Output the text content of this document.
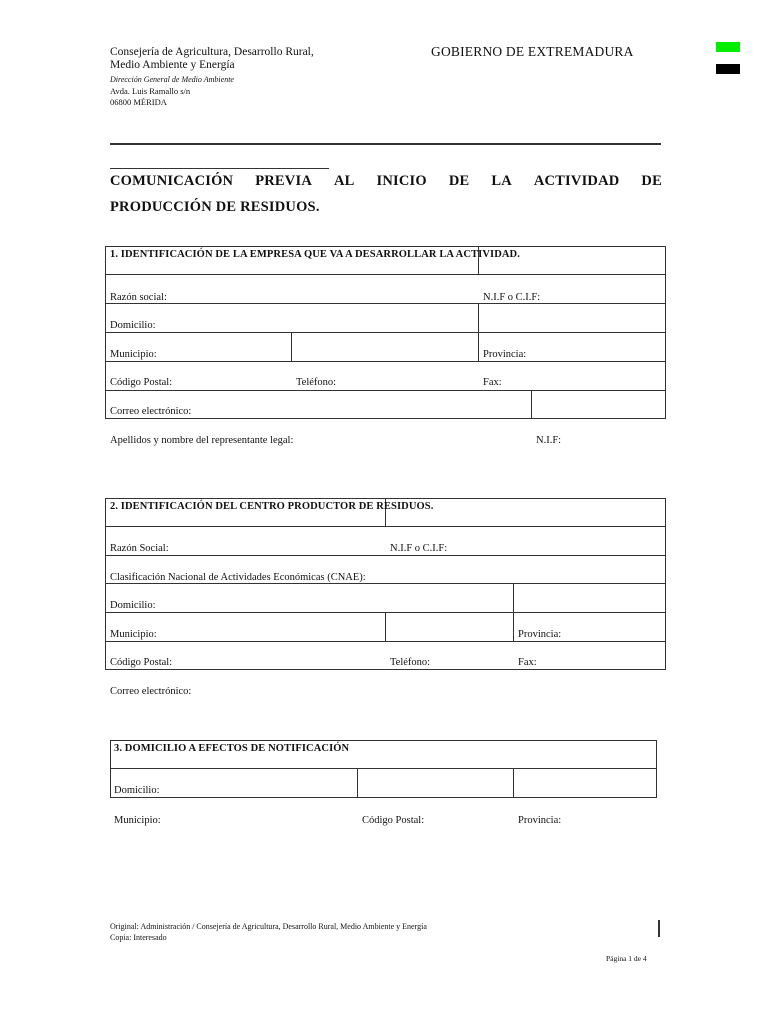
Consejería de Agricultura, Desarrollo Rural,
Medio Ambiente y Energía
Dirección General de Medio Ambiente
Avda. Luis Ramallo s/n
06800 MÉRIDA
GOBIERNO DE EXTREMADURA
COMUNICACIÓN PREVIA AL INICIO DE LA ACTIVIDAD DE
PRODUCCIÓN DE RESIDUOS.
1. IDENTIFICACIÓN DE LA EMPRESA QUE VA A DESARROLLAR LA ACTIVIDAD.
Razón social:	N.I.F o C.I.F:
Domicilio:
Municipio:	Provincia:
Código Postal:	Teléfono:	Fax:
Correo electrónico:
Apellidos y nombre del representante legal:	N.I.F:
2. IDENTIFICACIÓN DEL CENTRO PRODUCTOR DE RESIDUOS.
Razón Social:	N.I.F o C.I.F:
Clasificación Nacional de Actividades Económicas (CNAE):
Domicilio:
Municipio:	Provincia:
Código Postal:	Teléfono:	Fax:
Correo electrónico:
3. DOMICILIO A EFECTOS DE NOTIFICACIÓN
Domicilio:
Municipio:	Código Postal:	Provincia:
Original: Administración / Consejería de Agricultura, Desarrollo Rural, Medio Ambiente y Energía
Copia: Interesado
Página 1 de 4
